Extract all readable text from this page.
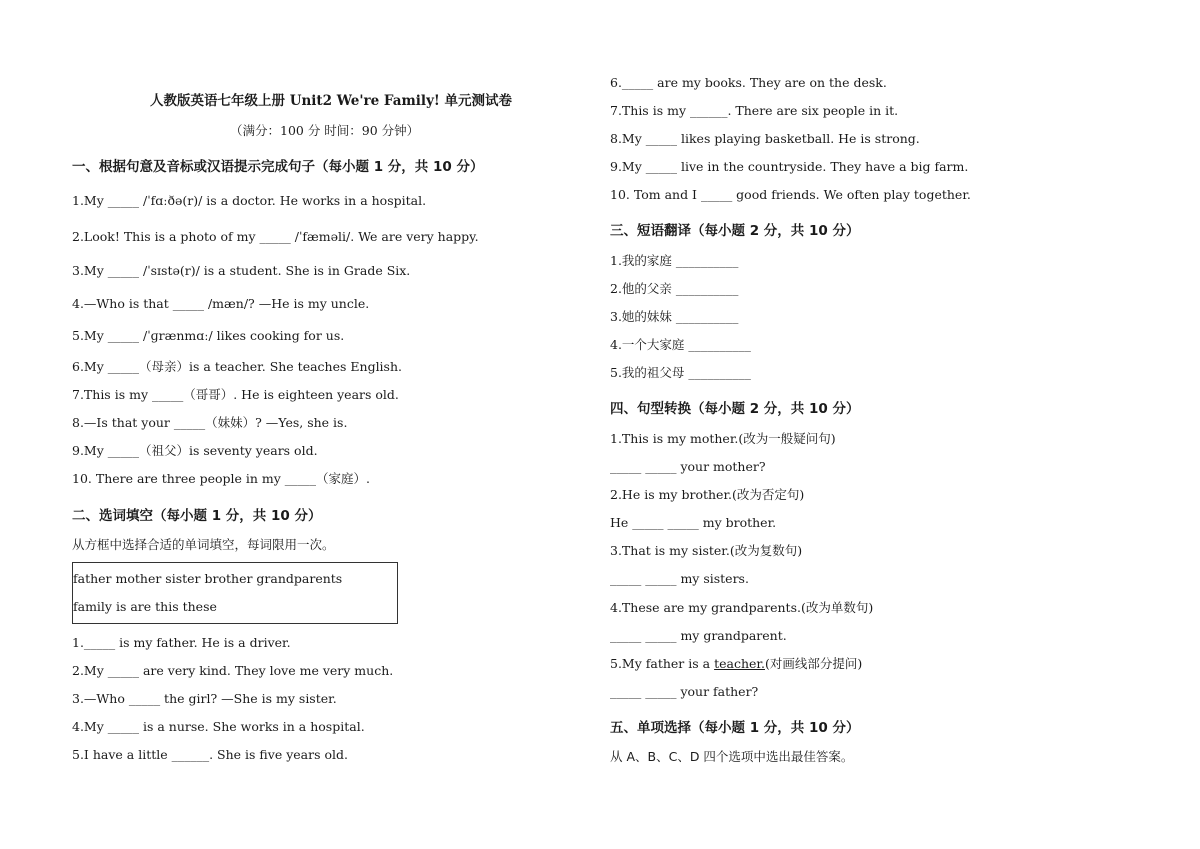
人教版英语七年级上册 Unit2 We're Family! 单元测试卷
（满分：100 分 时间：90 分钟）
一、根据句意及音标或汉语提示完成句子（每小题 1 分，共 10 分）
1.My _____ /ˈfɑːðə(r)/ is a doctor. He works in a hospital.
2.Look! This is a photo of my _____ /ˈfæməli/. We are very happy.
3.My _____ /ˈsɪstə(r)/ is a student. She is in Grade Six.
4.—Who is that _____ /mæn/? —He is my uncle.
5.My _____ /ˈɡrænmɑː/ likes cooking for us.
6.My _____（母亲）is a teacher. She teaches English.
7.This is my _____（哥哥）. He is eighteen years old.
8.—Is that your _____（妹妹）? —Yes, she is.
9.My _____（祖父）is seventy years old.
10. There are three people in my _____（家庭）.
二、选词填空（每小题 1 分，共 10 分）
从方框中选择合适的单词填空，每词限用一次。
father mother sister brother grandparents
family is are this these
1._____ is my father. He is a driver.
2.My _____ are very kind. They love me very much.
3.—Who _____ the girl? —She is my sister.
4.My _____ is a nurse. She works in a hospital.
5.I have a little ______. She is five years old.
6._____ are my books. They are on the desk.
7.This is my ______. There are six people in it.
8.My _____ likes playing basketball. He is strong.
9.My _____ live in the countryside. They have a big farm.
10. Tom and I _____ good friends. We often play together.
三、短语翻译（每小题 2 分，共 10 分）
1.我的家庭 __________
2.他的父亲 __________
3.她的妹妹 __________
4.一个大家庭 __________
5.我的祖父母 __________
四、句型转换（每小题 2 分，共 10 分）
1.This is my mother.(改为一般疑问句)
_____ _____ your mother?
2.He is my brother.(改为否定句)
He _____ _____ my brother.
3.That is my sister.(改为复数句)
_____ _____ my sisters.
4.These are my grandparents.(改为单数句)
_____ _____ my grandparent.
5.My father is a teacher.(对画线部分提问)
_____ _____ your father?
五、单项选择（每小题 1 分，共 10 分）
从 A、B、C、D 四个选项中选出最佳答案。
